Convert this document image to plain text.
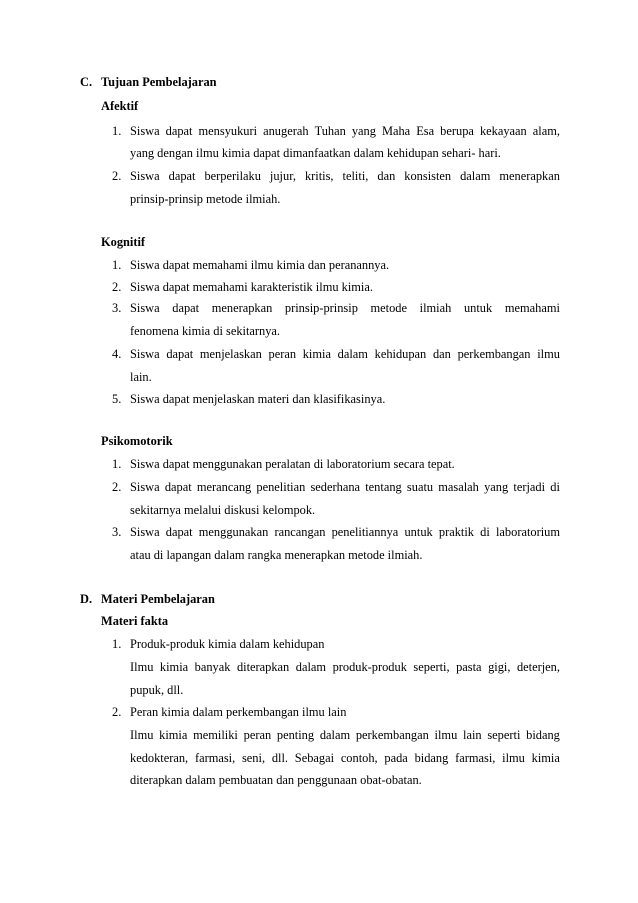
C. Tujuan Pembelajaran
Afektif
1. Siswa dapat mensyukuri anugerah Tuhan yang Maha Esa berupa kekayaan alam,
yang dengan ilmu kimia dapat dimanfaatkan dalam kehidupan sehari- hari.
2. Siswa dapat berperilaku jujur, kritis, teliti, dan konsisten dalam menerapkan
prinsip-prinsip metode ilmiah.
Kognitif
1. Siswa dapat memahami ilmu kimia dan peranannya.
2. Siswa dapat memahami karakteristik ilmu kimia.
3. Siswa dapat menerapkan prinsip-prinsip metode ilmiah untuk memahami
fenomena kimia di sekitarnya.
4. Siswa dapat menjelaskan peran kimia dalam kehidupan dan perkembangan ilmu
lain.
5. Siswa dapat menjelaskan materi dan klasifikasinya.
Psikomotorik
1. Siswa dapat menggunakan peralatan di laboratorium secara tepat.
2. Siswa dapat merancang penelitian sederhana tentang suatu masalah yang terjadi di
sekitarnya melalui diskusi kelompok.
3. Siswa dapat menggunakan rancangan penelitiannya untuk praktik di laboratorium
atau di lapangan dalam rangka menerapkan metode ilmiah.
D. Materi Pembelajaran
Materi fakta
1. Produk-produk kimia dalam kehidupan
Ilmu kimia banyak diterapkan dalam produk-produk seperti, pasta gigi, deterjen,
pupuk, dll.
2. Peran kimia dalam perkembangan ilmu lain
Ilmu kimia memiliki peran penting dalam perkembangan ilmu lain seperti bidang
kedokteran, farmasi, seni, dll. Sebagai contoh, pada bidang farmasi, ilmu kimia
diterapkan dalam pembuatan dan penggunaan obat-obatan.
